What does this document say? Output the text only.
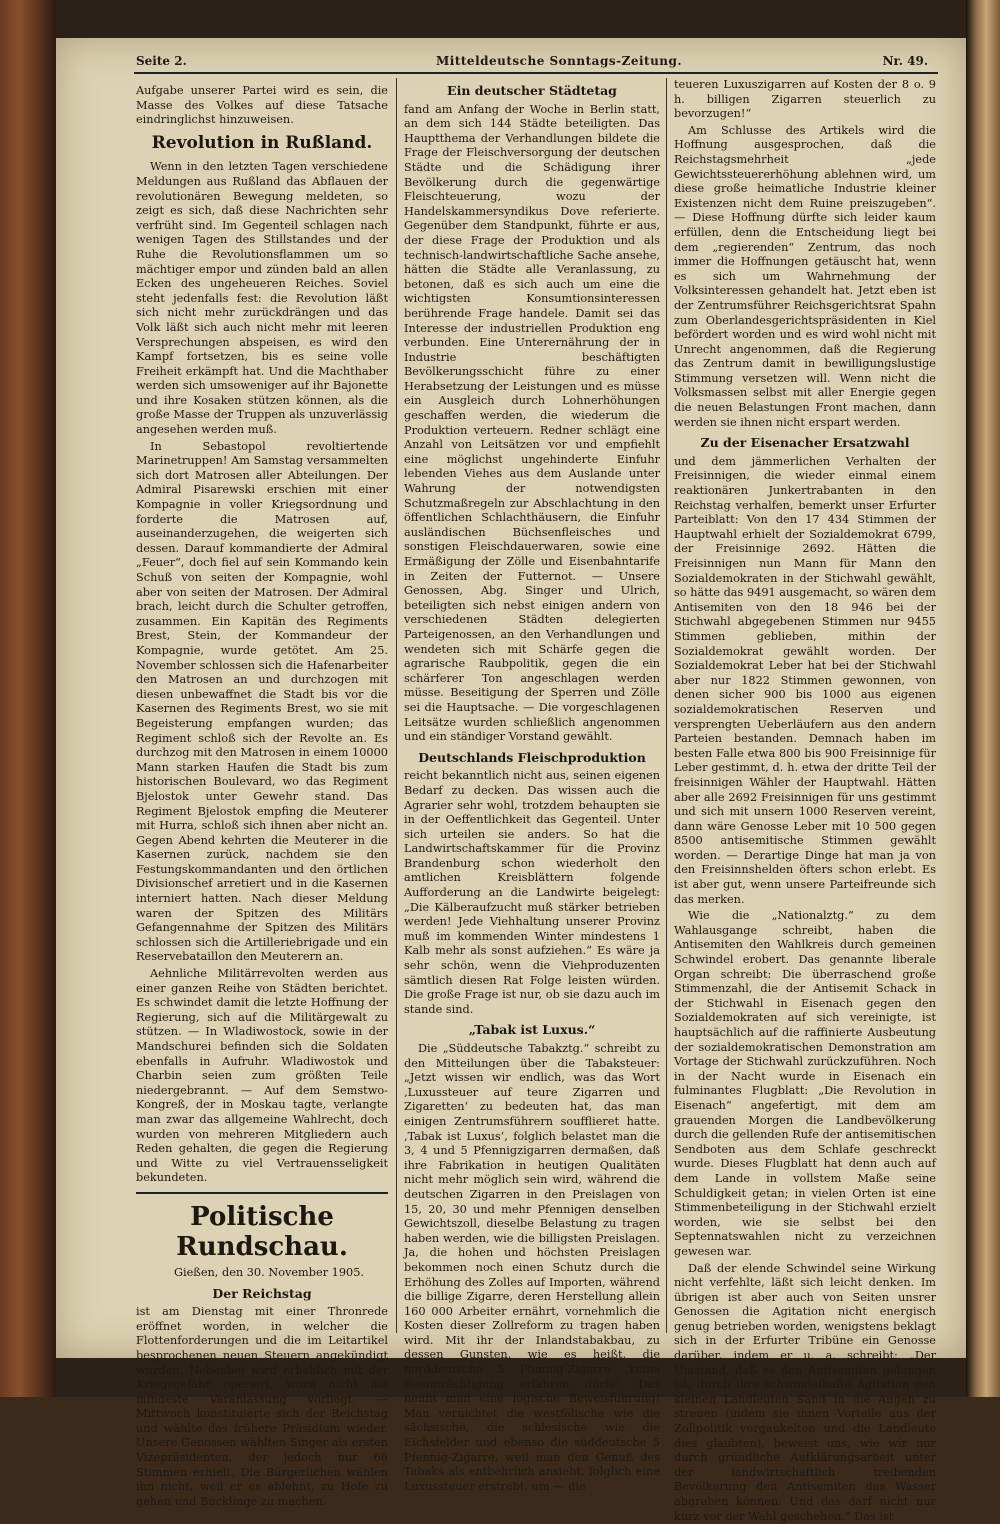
Seite 2.	Mitteldeutsche Sonntags-Zeitung.	Nr. 49.

Aufgabe unserer Partei wird es sein, die Masse des Volkes auf diese Tatsache eindringlichst hinzuweisen.

Revolution in Rußland.

Wenn in den letzten Tagen verschiedene Meldungen aus Rußland das Abflauen der revolutionären Bewegung meldeten, so zeigt es sich, daß diese Nachrichten sehr verfrüht sind. Im Gegenteil schlagen nach wenigen Tagen des Stillstandes und der Ruhe die Revolutionsflammen um so mächtiger empor und zünden bald an allen Ecken des ungeheueren Reiches. Soviel steht jedenfalls fest: die Revolution läßt sich nicht mehr zurückdrängen und das Volk läßt sich auch nicht mehr mit leeren Versprechungen abspeisen, es wird den Kampf fortsetzen, bis es seine volle Freiheit erkämpft hat. Und die Machthaber werden sich umsoweniger auf ihr Bajonette und ihre Kosaken stützen können, als die große Masse der Truppen als unzuverlässig angesehen werden muß.

In Sebastopol revoltiertende Marinetruppen! Am Samstag versammelten sich dort Matrosen aller Abteilungen. Der Admiral Pisarewski erschien mit einer Kompagnie in voller Kriegsordnung und forderte die Matrosen auf, auseinanderzugehen, die weigerten sich dessen. Darauf kommandierte der Admiral „Feuer“, doch fiel auf sein Kommando kein Schuß von seiten der Kompagnie, wohl aber von seiten der Matrosen. Der Admiral brach, leicht durch die Schulter getroffen, zusammen. Ein Kapitän des Regiments Brest, Stein, der Kommandeur der Kompagnie, wurde getötet. Am 25. November schlossen sich die Hafenarbeiter den Matrosen an und durchzogen mit diesen unbewaffnet die Stadt bis vor die Kasernen des Regiments Brest, wo sie mit Begeisterung empfangen wurden; das Regiment schloß sich der Revolte an. Es durchzog mit den Matrosen in einem 10000 Mann starken Haufen die Stadt bis zum historischen Boulevard, wo das Regiment Bjelostok unter Gewehr stand. Das Regiment Bjelostok empfing die Meuterer mit Hurra, schloß sich ihnen aber nicht an. Gegen Abend kehrten die Meuterer in die Kasernen zurück, nachdem sie den Festungskommandanten und den örtlichen Divisionschef arretiert und in die Kasernen interniert hatten. Nach dieser Meldung waren der Spitzen des Militärs Gefangennahme der Spitzen des Militärs schlossen sich die Artilleriebrigade und ein Reservebataillon den Meuterern an.

Aehnliche Militärrevolten werden aus einer ganzen Reihe von Städten berichtet. Es schwindet damit die letzte Hoffnung der Regierung, sich auf die Militärgewalt zu stützen. — In Wladiwostock, sowie in der Mandschurei befinden sich die Soldaten ebenfalls in Aufruhr. Wladiwostok und Charbin seien zum größten Teile niedergebrannt. — Auf dem Semstwo-Kongreß, der in Moskau tagte, verlangte man zwar das allgemeine Wahlrecht, doch wurden von mehreren Mitgliedern auch Reden gehalten, die gegen die Regierung und Witte zu viel Vertrauensseligkeit bekundeten.

Politische Rundschau.

Gießen, den 30. November 1905.

Der Reichstag

ist am Dienstag mit einer Thronrede eröffnet worden, in welcher die Flottenforderungen und die im Leitartikel besprochenen neuen Steuern angekündigt wurden. Nebenbei wird erheblich mit der Kriegsgefahr operiert, wozu nicht die mindeste Veranlassung vorliegt. — Mittwoch konstituierte sich der Reichstag und wählte das frühere Präsidium wieder. Unsere Genossen wählten Singer als ersten Vizepräsidenten, der jedoch nur 66 Stimmen erhielt. Die Bürgerlichen wählen ihn nicht, weil er es ablehnt, zu Hofe zu gehen und Bücklinge zu machen.

Ein deutscher Städtetag

fand am Anfang der Woche in Berlin statt, an dem sich 144 Städte beteiligten. Das Hauptthema der Verhandlungen bildete die Frage der Fleischversorgung der deutschen Städte und die Schädigung ihrer Bevölkerung durch die gegenwärtige Fleischteuerung, wozu der Handelskammersyndikus Dove referierte. Gegenüber dem Standpunkt, führte er aus, der diese Frage der Produktion und als technisch-landwirtschaftliche Sache ansehe, hätten die Städte alle Veranlassung, zu betonen, daß es sich auch um eine die wichtigsten Konsumtionsinteressen berührende Frage handele. Damit sei das Interesse der industriellen Produktion eng verbunden. Eine Unterernährung der in Industrie beschäftigten Bevölkerungsschicht führe zu einer Herabsetzung der Leistungen und es müsse ein Ausgleich durch Lohnerhöhungen geschaffen werden, die wiederum die Produktion verteuern. Redner schlägt eine Anzahl von Leitsätzen vor und empfiehlt eine möglichst ungehinderte Einfuhr lebenden Viehes aus dem Auslande unter Wahrung der notwendigsten Schutzmaßregeln zur Abschlachtung in den öffentlichen Schlachthäusern, die Einfuhr ausländischen Büchsenfleisches und sonstigen Fleischdauerwaren, sowie eine Ermäßigung der Zölle und Eisenbahntarife in Zeiten der Futternot. — Unsere Genossen, Abg. Singer und Ulrich, beteiligten sich nebst einigen andern von verschiedenen Städten delegierten Parteigenossen, an den Verhandlungen und wendeten sich mit Schärfe gegen die agrarische Raubpolitik, gegen die ein schärferer Ton angeschlagen werden müsse. Beseitigung der Sperren und Zölle sei die Hauptsache. — Die vorgeschlagenen Leitsätze wurden schließlich angenommen und ein ständiger Vorstand gewählt.

Deutschlands Fleischproduktion

reicht bekanntlich nicht aus, seinen eigenen Bedarf zu decken. Das wissen auch die Agrarier sehr wohl, trotzdem behaupten sie in der Oeffentlichkeit das Gegenteil. Unter sich urteilen sie anders. So hat die Landwirtschaftskammer für die Provinz Brandenburg schon wiederholt den amtlichen Kreisblättern folgende Aufforderung an die Landwirte beigelegt: „Die Kälberaufzucht muß stärker betrieben werden! Jede Viehhaltung unserer Provinz muß im kommenden Winter mindestens 1 Kalb mehr als sonst aufziehen.“ Es wäre ja sehr schön, wenn die Viehproduzenten sämtlich diesen Rat Folge leisten würden. Die große Frage ist nur, ob sie dazu auch im stande sind.

„Tabak ist Luxus.“

Die „Süddeutsche Tabakztg.“ schreibt zu den Mitteilungen über die Tabaksteuer: „Jetzt wissen wir endlich, was das Wort ‚Luxussteuer auf teure Zigarren und Zigaretten‘ zu bedeuten hat, das man einigen Zentrumsführern soufflieret hatte. ‚Tabak ist Luxus‘, folglich belastet man die 3, 4 und 5 Pfennigzigarren dermaßen, daß ihre Fabrikation in heutigen Qualitäten nicht mehr möglich sein wird, während die deutschen Zigarren in den Preislagen von 15, 20, 30 und mehr Pfennigen denselben Gewichtszoll, dieselbe Belastung zu tragen haben werden, wie die billigsten Preislagen. Ja, die hohen und höchsten Preislagen bekommen noch einen Schutz durch die Erhöhung des Zolles auf Importen, während die billige Zigarre, deren Herstellung allein 160 000 Arbeiter ernährt, vornehmlich die Kosten dieser Zollreform zu tragen haben wird. Mit ihr der Inlandstabakbau, zu dessen Gunsten, wie es heißt, die norddeutsche 5 Pfennig-Zigarre ‚keine Beeinträchtigung erfahren dürfe‘. Das nennt man eine logische Beweisführung! Man vernichtet die westfälische wie die sächsische, die schlesische wie die Eichsfelder und ebenso die süddeutsche 5 Pfennig-Zigarre, weil man den Genuß des Tabaks als entbehrlich ansieht, folglich eine Luxussteuer erstrebt, um — die

teueren Luxuszigarren auf Kosten der 8 o. 9 h. billigen Zigarren steuerlich zu bevorzugen!“

Am Schlusse des Artikels wird die Hoffnung ausgesprochen, daß die Reichstagsmehrheit „jede Gewichtssteuererhöhung ablehnen wird, um diese große heimatliche Industrie kleiner Existenzen nicht dem Ruine preiszugeben“. — Diese Hoffnung dürfte sich leider kaum erfüllen, denn die Entscheidung liegt bei dem „regierenden“ Zentrum, das noch immer die Hoffnungen getäuscht hat, wenn es sich um Wahrnehmung der Volksinteressen gehandelt hat. Jetzt eben ist der Zentrumsführer Reichsgerichtsrat Spahn zum Oberlandesgerichtspräsidenten in Kiel befördert worden und es wird wohl nicht mit Unrecht angenommen, daß die Regierung das Zentrum damit in bewilligungslustige Stimmung versetzen will. Wenn nicht die Volksmassen selbst mit aller Energie gegen die neuen Belastungen Front machen, dann werden sie ihnen nicht erspart werden.

Zu der Eisenacher Ersatzwahl

und dem jämmerlichen Verhalten der Freisinnigen, die wieder einmal einem reaktionären Junkertrabanten in den Reichstag verhalfen, bemerkt unser Erfurter Parteiblatt: Von den 17 434 Stimmen der Hauptwahl erhielt der Sozialdemokrat 6799, der Freisinnige 2692. Hätten die Freisinnigen nun Mann für Mann den Sozialdemokraten in der Stichwahl gewählt, so hätte das 9491 ausgemacht, so wären dem Antisemiten von den 18 946 bei der Stichwahl abgegebenen Stimmen nur 9455 Stimmen geblieben, mithin der Sozialdemokrat gewählt worden. Der Sozialdemokrat Leber hat bei der Stichwahl aber nur 1822 Stimmen gewonnen, von denen sicher 900 bis 1000 aus eigenen sozialdemokratischen Reserven und versprengten Ueberläufern aus den andern Parteien bestanden. Demnach haben im besten Falle etwa 800 bis 900 Freisinnige für Leber gestimmt, d. h. etwa der dritte Teil der freisinnigen Wähler der Hauptwahl. Hätten aber alle 2692 Freisinnigen für uns gestimmt und sich mit unsern 1000 Reserven vereint, dann wäre Genosse Leber mit 10 500 gegen 8500 antisemitische Stimmen gewählt worden. — Derartige Dinge hat man ja von den Freisinnshelden öfters schon erlebt. Es ist aber gut, wenn unsere Parteifreunde sich das merken.

Wie die „Nationalztg.“ zu dem Wahlausgange schreibt, haben die Antisemiten den Wahlkreis durch gemeinen Schwindel erobert. Das genannte liberale Organ schreibt: Die überraschend große Stimmenzahl, die der Antisemit Schack in der Stichwahl in Eisenach gegen den Sozialdemokraten auf sich vereinigte, ist hauptsächlich auf die raffinierte Ausbeutung der sozialdemokratischen Demonstration am Vortage der Stichwahl zurückzuführen. Noch in der Nacht wurde in Eisenach ein fulminantes Flugblatt: „Die Revolution in Eisenach“ angefertigt, mit dem am grauenden Morgen die Landbevölkerung durch die gellenden Rufe der antisemitischen Sendboten aus dem Schlafe geschreckt wurde. Dieses Flugblatt hat denn auch auf dem Lande in vollstem Maße seine Schuldigkeit getan; in vielen Orten ist eine Stimmenbeteiligung in der Stichwahl erzielt worden, wie sie selbst bei den Septennatswahlen nicht zu verzeichnen gewesen war.

Daß der elende Schwindel seine Wirkung nicht verfehlte, läßt sich leicht denken. Im übrigen ist aber auch von Seiten unsrer Genossen die Agitation nicht energisch genug betrieben worden, wenigstens beklagt sich in der Erfurter Tribüne ein Genosse darüber, indem er u. a. schreibt: „Der Umstand, daß es den Antisemiten gelungen ist, durch ihre schwindelhafte Agitation den kleinen Landleuten Sand in die Augen zu streuen (indem sie ihnen Vorteile aus der Zollpolitik vorgaukelten und die Landleute dies glaubten), beweist uns, wie wir nur durch gründliche Aufklärungsarbeit unter der landwirtschaftlich treibenden Bevölkerung den Antisemiten das Wasser abgraben können. Und das darf nicht nur kurz vor der Wahl geschehen.“ Das ist
